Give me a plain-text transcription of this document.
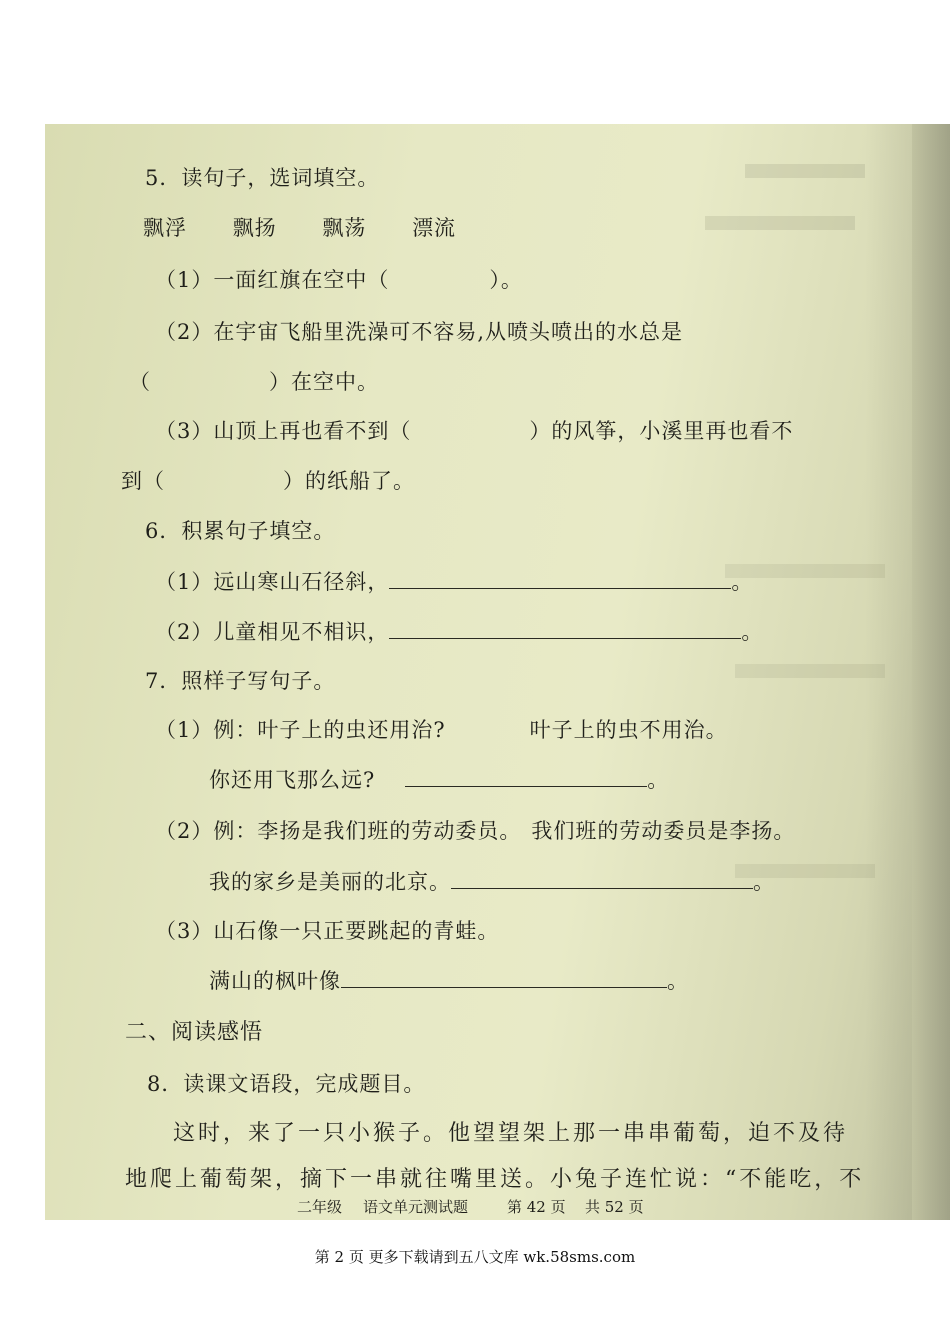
5．读句子，选词填空。
飘浮 飘扬 飘荡 漂流
（1）一面红旗在空中（	）。
（2）在宇宙飞船里洗澡可不容易,从喷头喷出的水总是
（	）在空中。
（3）山顶上再也看不到（	）的风筝，小溪里再也看不
到（	）的纸船了。
6．积累句子填空。
（1）远山寒山石径斜，	。
（2）儿童相见不相识，	。
7．照样子写句子。
（1）例：叶子上的虫还用治?	叶子上的虫不用治。
你还用飞那么远?	。
（2）例：李扬是我们班的劳动委员。 我们班的劳动委员是李扬。
我的家乡是美丽的北京。	。
（3）山石像一只正要跳起的青蛙。
满山的枫叶像	。
二、阅读感悟
8．读课文语段，完成题目。
这时，来了一只小猴子。他望望架上那一串串葡萄，迫不及待
地爬上葡萄架，摘下一串就往嘴里送。小兔子连忙说：“不能吃，不
二年级 语文单元测试题	第 42 页 共 52 页
第 2 页 更多下载请到五八文库 wk.58sms.com
